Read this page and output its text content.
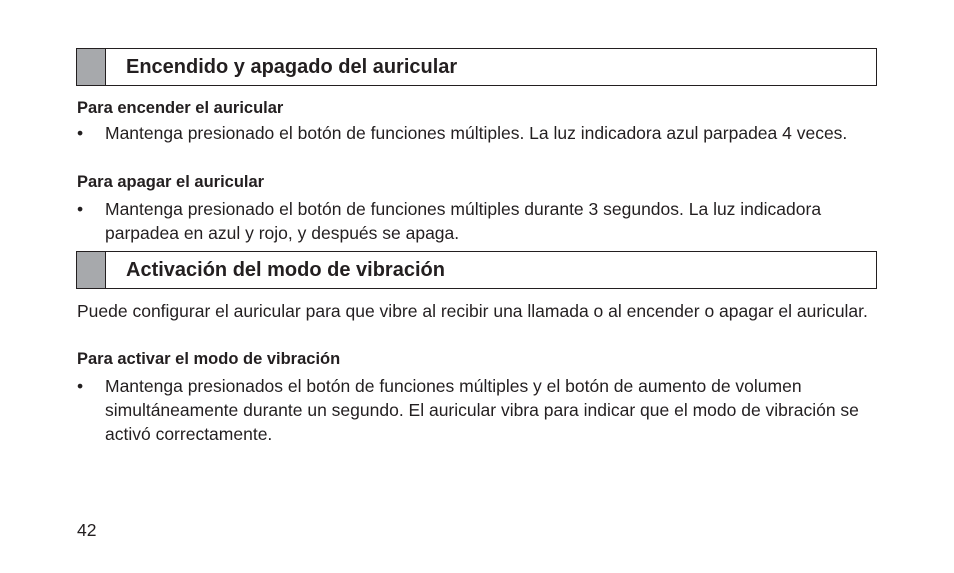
Encendido y apagado del auricular
Para encender el auricular
• Mantenga presionado el botón de funciones múltiples. La luz indicadora azul parpadea 4 veces.
Para apagar el auricular
• Mantenga presionado el botón de funciones múltiples durante 3 segundos. La luz indicadora parpadea en azul y rojo, y después se apaga.
Activación del modo de vibración
Puede configurar el auricular para que vibre al recibir una llamada o al encender o apagar el auricular.
Para activar el modo de vibración
• Mantenga presionados el botón de funciones múltiples y el botón de aumento de volumen simultáneamente durante un segundo. El auricular vibra para indicar que el modo de vibración se activó correctamente.
42
